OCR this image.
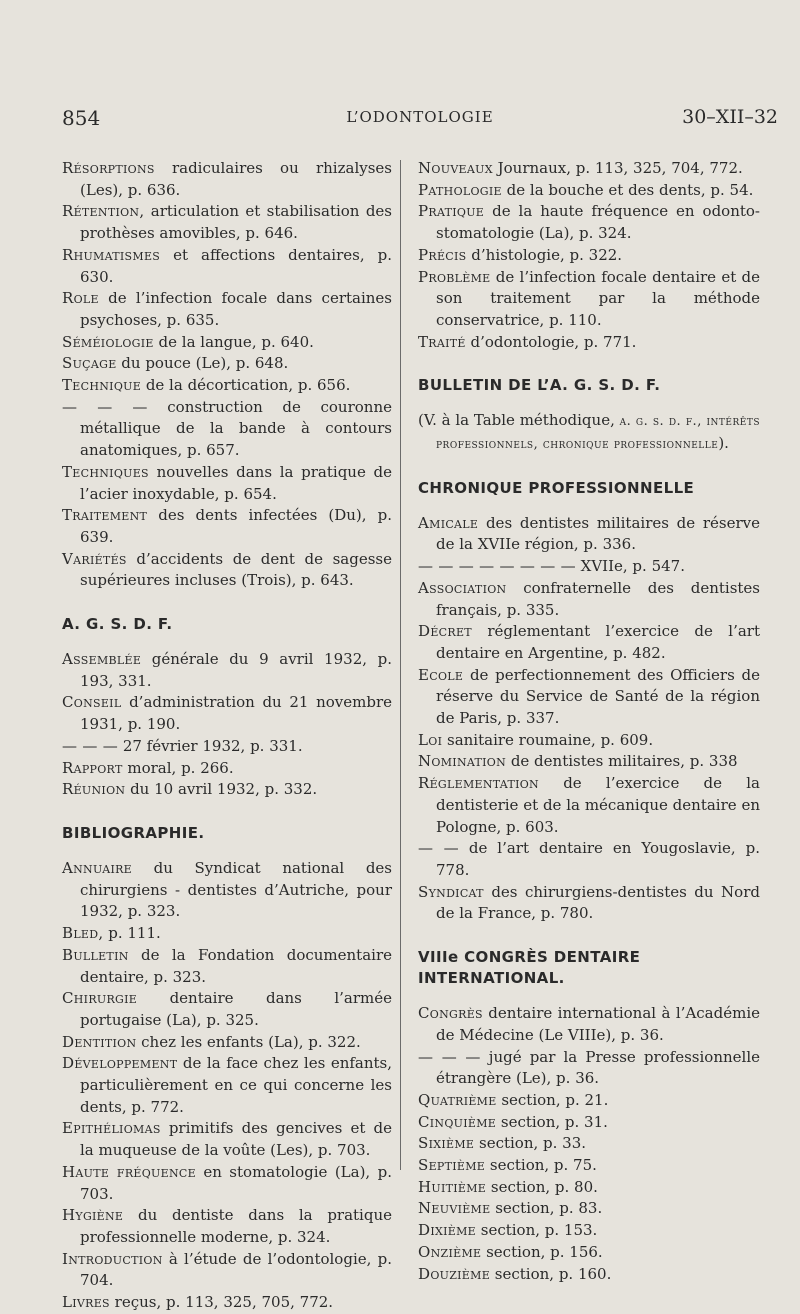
854	L’ODONTOLOGIE	30–XII–32
Résorptions radiculaires ou rhizalyses (Les), p. 636.
Rétention, articulation et stabilisation des prothèses amovibles, p. 646.
Rhumatismes et affections dentaires, p. 630.
Role de l’infection focale dans certaines psychoses, p. 635.
Séméiologie de la langue, p. 640.
Suçage du pouce (Le), p. 648.
Technique de la décortication, p. 656.
— — — construction de couronne métallique de la bande à contours anatomiques, p. 657.
Techniques nouvelles dans la pratique de l’acier inoxydable, p. 654.
Traitement des dents infectées (Du), p. 639.
Variétés d’accidents de dent de sagesse supérieures incluses (Trois), p. 643.
A. G. S. D. F.
Assemblée générale du 9 avril 1932, p. 193, 331.
Conseil d’administration du 21 novembre 1931, p. 190.
— — — 27 février 1932, p. 331.
Rapport moral, p. 266.
Réunion du 10 avril 1932, p. 332.
BIBLIOGRAPHIE.
Annuaire du Syndicat national des chirurgiens - dentistes d’Autriche, pour 1932, p. 323.
Bled, p. 111.
Bulletin de la Fondation documentaire dentaire, p. 323.
Chirurgie dentaire dans l’armée portugaise (La), p. 325.
Dentition chez les enfants (La), p. 322.
Développement de la face chez les enfants, particulièrement en ce qui concerne les dents, p. 772.
Epithéliomas primitifs des gencives et de la muqueuse de la voûte (Les), p. 703.
Haute fréquence en stomatologie (La), p. 703.
Hygiène du dentiste dans la pratique professionnelle moderne, p. 324.
Introduction à l’étude de l’odontologie, p. 704.
Livres reçus, p. 113, 325, 705, 772.
Nouveaux Journaux, p. 113, 325, 704, 772.
Pathologie de la bouche et des dents, p. 54.
Pratique de la haute fréquence en odonto-stomatologie (La), p. 324.
Précis d’histologie, p. 322.
Problème de l’infection focale dentaire et de son traitement par la méthode conservatrice, p. 110.
Traité d’odontologie, p. 771.
BULLETIN DE L’A. G. S. D. F.
(V. à la Table méthodique, a. g. s. d. f., intérêts professionnels, chronique professionnelle).
CHRONIQUE PROFESSIONNELLE
Amicale des dentistes militaires de réserve de la XVIIe région, p. 336.
— — — — — — — — XVIIe, p. 547.
Association confraternelle des dentistes français, p. 335.
Décret réglementant l’exercice de l’art dentaire en Argentine, p. 482.
Ecole de perfectionnement des Officiers de réserve du Service de Santé de la région de Paris, p. 337.
Loi sanitaire roumaine, p. 609.
Nomination de dentistes militaires, p. 338
Réglementation de l’exercice de la dentisterie et de la mécanique dentaire en Pologne, p. 603.
— — de l’art dentaire en Yougoslavie, p. 778.
Syndicat des chirurgiens-dentistes du Nord de la France, p. 780.
VIIIe CONGRÈS DENTAIRE INTERNATIONAL.
Congrès dentaire international à l’Académie de Médecine (Le VIIIe), p. 36.
— — — jugé par la Presse professionnelle étrangère (Le), p. 36.
Quatrième section, p. 21.
Cinquième section, p. 31.
Sixième section, p. 33.
Septième section, p. 75.
Huitième section, p. 80.
Neuvième section, p. 83.
Dixième section, p. 153.
Onzième section, p. 156.
Douzième section, p. 160.
